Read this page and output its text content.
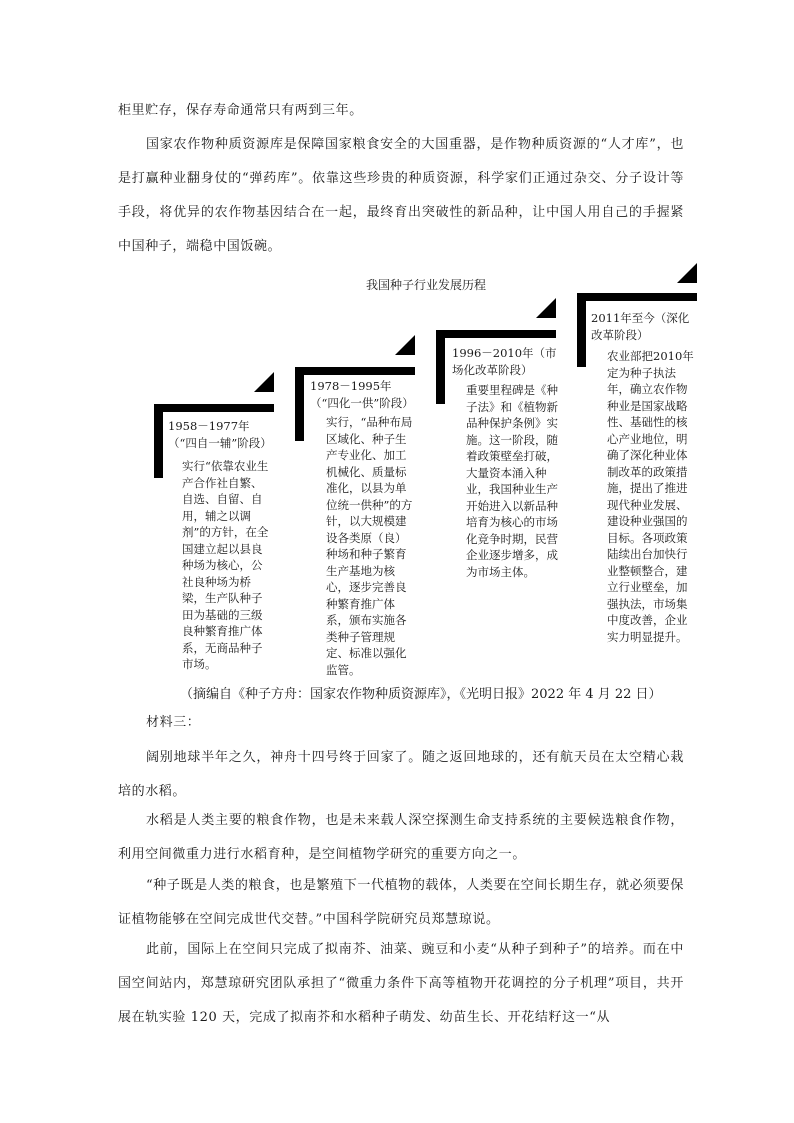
柜里贮存，保存寿命通常只有两到三年。

国家农作物种质资源库是保障国家粮食安全的大国重器，是作物种质资源的“人才库”，也是打赢种业翻身仗的“弹药库”。依靠这些珍贵的种质资源，科学家们正通过杂交、分子设计等手段，将优异的农作物基因结合在一起，最终育出突破性的新品种，让中国人用自己的手握紧中国种子，端稳中国饭碗。

我国种子行业发展历程
1958－1977年（“四自一辅”阶段）
实行“依靠农业生产合作社自繁、自选、自留、自用，辅之以调剂”的方针，在全国建立起以县良种场为核心，公社良种场为桥梁，生产队种子田为基础的三级良种繁育推广体系，无商品种子市场。
1978－1995年（“四化一供”阶段）
实行，“品种布局区域化、种子生产专业化、加工机械化、质量标准化，以县为单位统一供种”的方针，以大规模建设各类原（良）种场和种子繁育生产基地为核心，逐步完善良种繁育推广体系，颁布实施各类种子管理规定、标准以强化监管。
1996－2010年（市场化改革阶段）
重要里程碑是《种子法》和《植物新品种保护条例》实施。这一阶段，随着政策壁垒打破，大量资本涌入种业，我国种业生产开始进入以新品种培育为核心的市场化竞争时期，民营企业逐步增多，成为市场主体。
2011年至今（深化改革阶段）
农业部把2010年定为种子执法年，确立农作物种业是国家战略性、基础性的核心产业地位，明确了深化种业体制改革的政策措施，提出了推进现代种业发展、建设种业强国的目标。各项政策陆续出台加快行业整顿整合，建立行业壁垒，加强执法，市场集中度改善，企业实力明显提升。
（摘编自《种子方舟：国家农作物种质资源库》，《光明日报》2022 年 4 月 22 日）

材料三：

阔别地球半年之久，神舟十四号终于回家了。随之返回地球的，还有航天员在太空精心栽培的水稻。

水稻是人类主要的粮食作物，也是未来载人深空探测生命支持系统的主要候选粮食作物，利用空间微重力进行水稻育种，是空间植物学研究的重要方向之一。

“种子既是人类的粮食，也是繁殖下一代植物的载体，人类要在空间长期生存，就必须要保证植物能够在空间完成世代交替。”中国科学院研究员郑慧琼说。

此前，国际上在空间只完成了拟南芥、油菜、豌豆和小麦“从种子到种子”的培养。而在中国空间站内，郑慧琼研究团队承担了“微重力条件下高等植物开花调控的分子机理”项目，共开展在轨实验 120 天，完成了拟南芥和水稻种子萌发、幼苗生长、开花结籽这一“从
